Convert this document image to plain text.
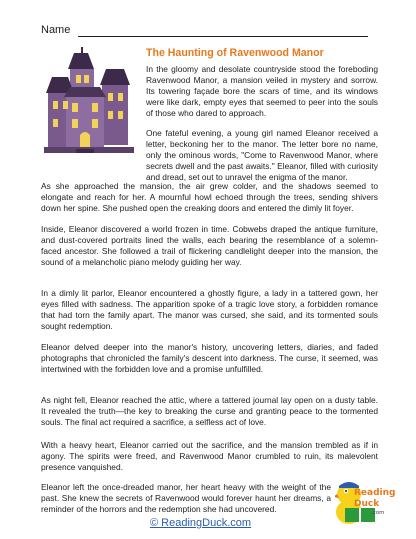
Name
The Haunting of Ravenwood Manor

In the gloomy and desolate countryside stood the foreboding Ravenwood Manor, a mansion veiled in mystery and sorrow. Its towering façade bore the scars of time, and its windows were like dark, empty eyes that seemed to peer into the souls of those who dared to approach.

One fateful evening, a young girl named Eleanor received a letter, beckoning her to the manor. The letter bore no name, only the ominous words, "Come to Ravenwood Manor, where secrets dwell and the past awaits." Eleanor, filled with curiosity and dread, set out to unravel the enigma of the manor.

As she approached the mansion, the air grew colder, and the shadows seemed to elongate and reach for her. A mournful howl echoed through the trees, sending shivers down her spine. She pushed open the creaking doors and entered the dimly lit foyer.

Inside, Eleanor discovered a world frozen in time. Cobwebs draped the antique furniture, and dust-covered portraits lined the walls, each bearing the resemblance of a solemn-faced ancestor. She followed a trail of flickering candlelight deeper into the mansion, the sound of a melancholic piano melody guiding her way.

In a dimly lit parlor, Eleanor encountered a ghostly figure, a lady in a tattered gown, her eyes filled with sadness. The apparition spoke of a tragic love story, a forbidden romance that had torn the family apart. The manor was cursed, she said, and its tormented souls sought redemption.

Eleanor delved deeper into the manor's history, uncovering letters, diaries, and faded photographs that chronicled the family's descent into darkness. The curse, it seemed, was intertwined with the forbidden love and a promise unfulfilled.

As night fell, Eleanor reached the attic, where a tattered journal lay open on a dusty table. It revealed the truth—the key to breaking the curse and granting peace to the tormented souls. The final act required a sacrifice, a selfless act of love.

With a heavy heart, Eleanor carried out the sacrifice, and the mansion trembled as if in agony. The spirits were freed, and Ravenwood Manor crumbled to ruin, its malevolent presence vanquished.

Eleanor left the once-dreaded manor, her heart heavy with the weight of the past. She knew the secrets of Ravenwood would forever haunt her dreams, a reminder of the horrors and the redemption she had uncovered.

Reading
Duck
.com
© ReadingDuck.com
